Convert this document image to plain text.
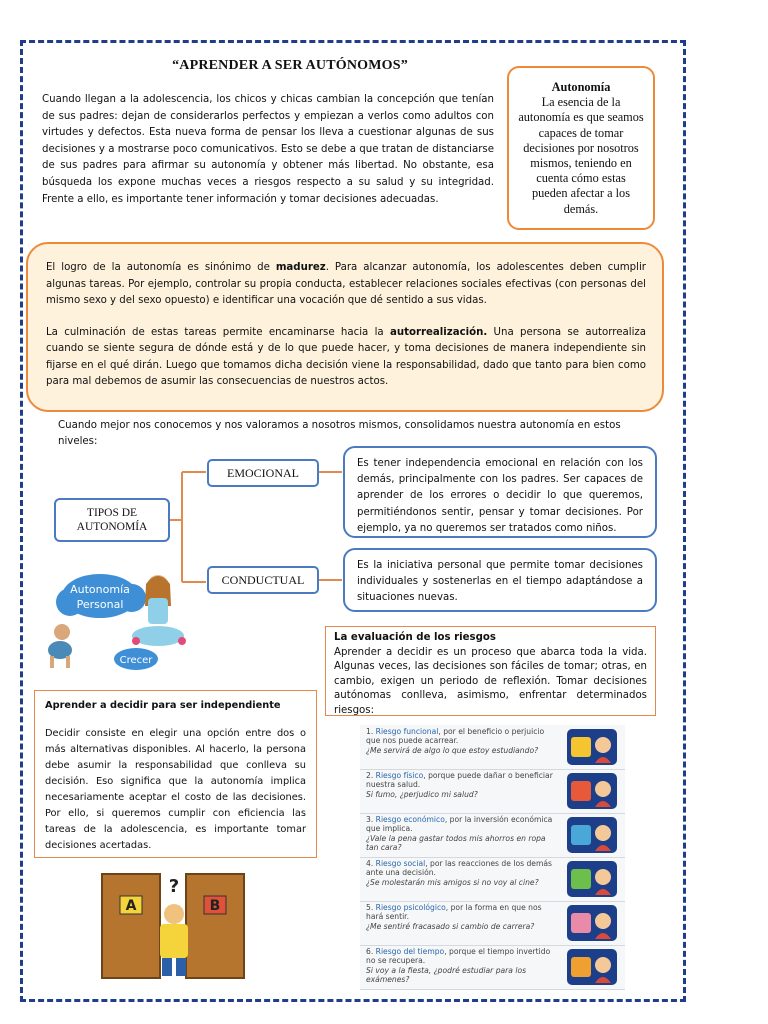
“APRENDER A SER AUTÓNOMOS”
Cuando llegan a la adolescencia, los chicos y chicas cambian la concepción que tenían de sus padres: dejan de considerarlos perfectos y empiezan a verlos como adultos con virtudes y defectos. Esta nueva forma de pensar los lleva a cuestionar algunas de sus decisiones y a mostrarse poco comunicativos. Esto se debe a que tratan de distanciarse de sus padres para afirmar su autonomía y obtener más libertad. No obstante, esa búsqueda los expone muchas veces a riesgos respecto a su salud y su integridad. Frente a ello, es importante tener información y tomar decisiones adecuadas.
Autonomía
La esencia de la autonomía es que seamos capaces de tomar decisiones por nosotros mismos, teniendo en cuenta cómo estas pueden afectar a los demás.

El logro de la autonomía es sinónimo de madurez. Para alcanzar autonomía, los adolescentes deben cumplir algunas tareas. Por ejemplo, controlar su propia conducta, establecer relaciones sociales efectivas (con personas del mismo sexo y del sexo opuesto) e identificar una vocación que dé sentido a sus vidas.

La culminación de estas tareas permite encaminarse hacia la autorrealización. Una persona se autorrealiza cuando se siente segura de dónde está y de lo que puede hacer, y toma decisiones de manera independiente sin fijarse en el qué dirán. Luego que tomamos dicha decisión viene la responsabilidad, dado que tanto para bien como para mal debemos de asumir las consecuencias de nuestros actos.

Cuando mejor nos conocemos y nos valoramos a nosotros mismos, consolidamos nuestra autonomía en estos niveles:
TIPOS DE AUTONOMÍA
EMOCIONAL
CONDUCTUAL
Es tener independencia emocional en relación con los demás, principalmente con los padres. Ser capaces de aprender de los errores o decidir lo que queremos, permitiéndonos sentir, pensar y tomar decisiones. Por ejemplo, ya no queremos ser tratados como niños.
Es la iniciativa personal que permite tomar decisiones individuales y sostenerlas en el tiempo adaptándose a situaciones nuevas.
Autonomía
Personal
Crecer
La evaluación de los riesgos
Aprender a decidir es un proceso que abarca toda la vida. Algunas veces, las decisiones son fáciles de tomar; otras, en cambio, exigen un periodo de reflexión. Tomar decisiones autónomas conlleva, asimismo, enfrentar determinados riesgos:
Aprender a decidir para ser independiente
Decidir consiste en elegir una opción entre dos o más alternativas disponibles. Al hacerlo, la persona debe asumir la responsabilidad que conlleva su decisión. Eso significa que la autonomía implica necesariamente aceptar el costo de las decisiones. Por ello, si queremos cumplir con eficiencia las tareas de la adolescencia, es importante tomar decisiones acertadas.
A	B
?
1. Riesgo funcional, por el beneficio o perjuicio que nos puede acarrear.
¿Me servirá de algo lo que estoy estudiando?
2. Riesgo físico, porque puede dañar o beneficiar nuestra salud.
Si fumo, ¿perjudico mi salud?
3. Riesgo económico, por la inversión económica que implica.
¿Vale la pena gastar todos mis ahorros en ropa tan cara?
4. Riesgo social, por las reacciones de los demás ante una decisión.
¿Se molestarán mis amigos si no voy al cine?
5. Riesgo psicológico, por la forma en que nos hará sentir.
¿Me sentiré fracasado si cambio de carrera?
6. Riesgo del tiempo, porque el tiempo invertido no se recupera.
Si voy a la fiesta, ¿podré estudiar para los exámenes?
